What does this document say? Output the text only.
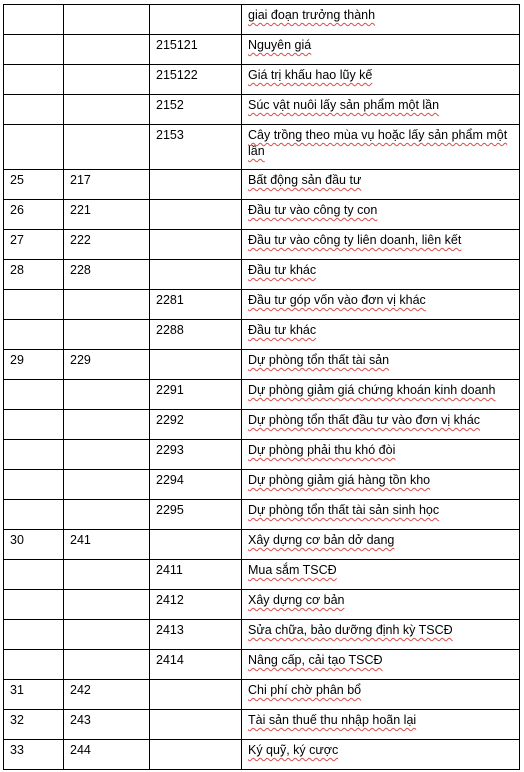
			giai đoạn trưởng thành
		215121	Nguyên giá
		215122	Giá trị khấu hao lũy kế
		2152	Súc vật nuôi lấy sản phẩm một lần
		2153	Cây trồng theo mùa vụ hoặc lấy sản phẩm một lần
25	217		Bất động sản đầu tư
26	221		Đầu tư vào công ty con
27	222		Đầu tư vào công ty liên doanh, liên kết
28	228		Đầu tư khác
		2281	Đầu tư góp vốn vào đơn vị khác
		2288	Đầu tư khác
29	229		Dự phòng tổn thất tài sản
		2291	Dự phòng giảm giá chứng khoán kinh doanh
		2292	Dự phòng tổn thất đầu tư vào đơn vị khác
		2293	Dự phòng phải thu khó đòi
		2294	Dự phòng giảm giá hàng tồn kho
		2295	Dự phòng tổn thất tài sản sinh học
30	241		Xây dựng cơ bản dở dang
		2411	Mua sắm TSCĐ
		2412	Xây dựng cơ bản
		2413	Sửa chữa, bảo dưỡng định kỳ TSCĐ
		2414	Nâng cấp, cải tạo TSCĐ
31	242		Chi phí chờ phân bổ
32	243		Tài sản thuế thu nhập hoãn lại
33	244		Ký quỹ, ký cược
